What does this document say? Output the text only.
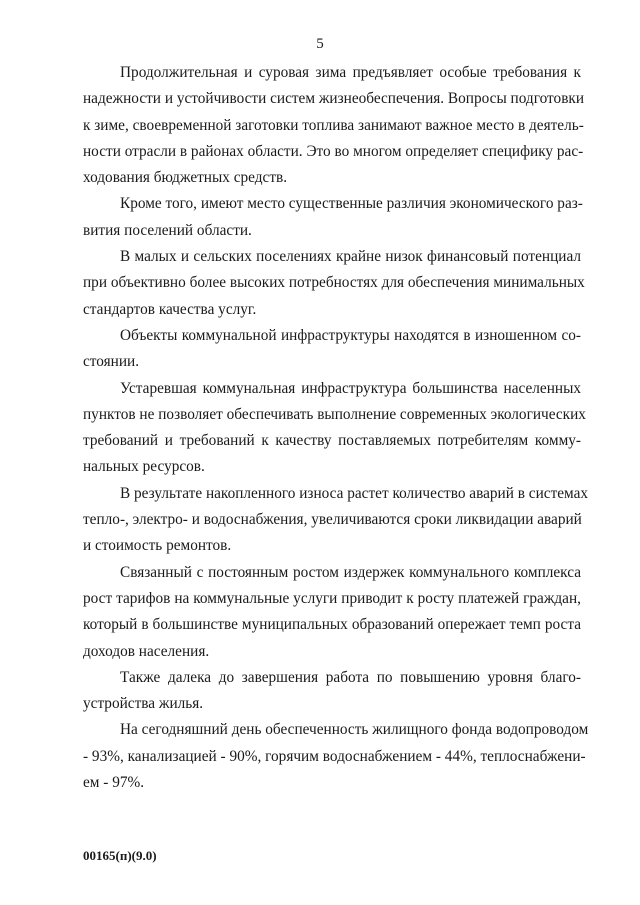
5
Продолжительная и суровая зима предъявляет особые требования к
надежности и устойчивости систем жизнеобеспечения. Вопросы подготовки
к зиме, своевременной заготовки топлива занимают важное место в деятель-
ности отрасли в районах области. Это во многом определяет специфику рас-
ходования бюджетных средств.
Кроме того, имеют место существенные различия экономического раз-
вития поселений области.
В малых и сельских поселениях крайне низок финансовый потенциал
при объективно более высоких потребностях для обеспечения минимальных
стандартов качества услуг.
Объекты коммунальной инфраструктуры находятся в изношенном со-
стоянии.
Устаревшая коммунальная инфраструктура большинства населенных
пунктов не позволяет обеспечивать выполнение современных экологических
требований и требований к качеству поставляемых потребителям комму-
нальных ресурсов.
В результате накопленного износа растет количество аварий в системах
тепло-, электро- и водоснабжения, увеличиваются сроки ликвидации аварий
и стоимость ремонтов.
Связанный с постоянным ростом издержек коммунального комплекса
рост тарифов на коммунальные услуги приводит к росту платежей граждан,
который в большинстве муниципальных образований опережает темп роста
доходов населения.
Также далека до завершения работа по повышению уровня благо-
устройства жилья.
На сегодняшний день обеспеченность жилищного фонда водопроводом
- 93%, канализацией - 90%, горячим водоснабжением - 44%, теплоснабжени-
ем - 97%.
00165(п)(9.0)
